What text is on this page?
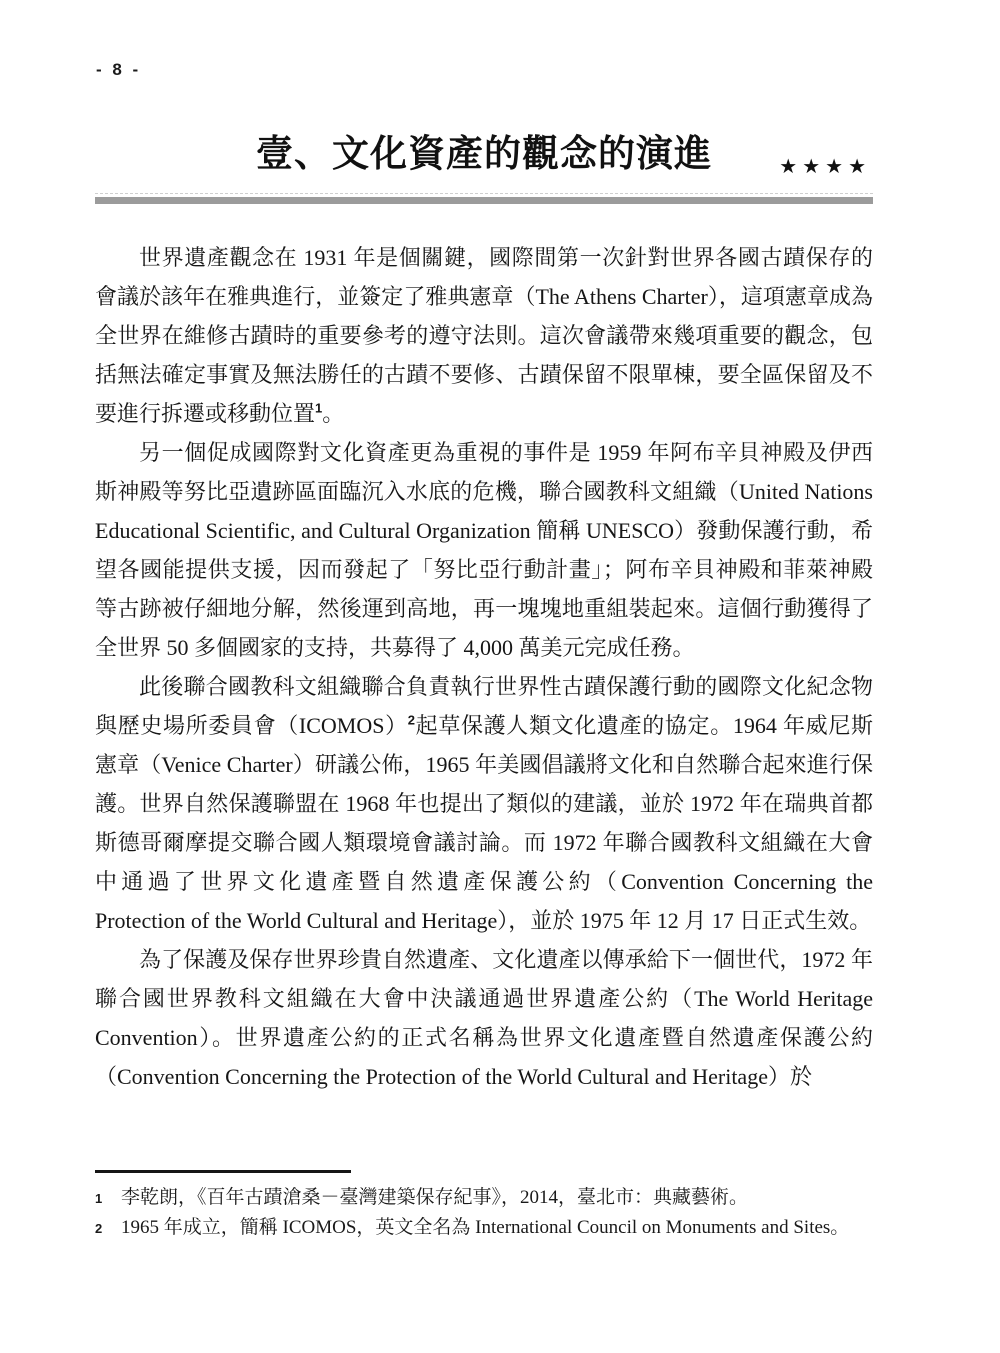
- 8 -
壹、文化資產的觀念的演進	★★★★

世界遺產觀念在 1931 年是個關鍵，國際間第一次針對世界各國古蹟保存的會議於該年在雅典進行，並簽定了雅典憲章（The Athens Charter），這項憲章成為全世界在維修古蹟時的重要參考的遵守法則。這次會議帶來幾項重要的觀念，包括無法確定事實及無法勝任的古蹟不要修、古蹟保留不限單棟，要全區保留及不要進行拆遷或移動位置$^1$。

另一個促成國際對文化資產更為重視的事件是 1959 年阿布辛貝神殿及伊西斯神殿等努比亞遺跡區面臨沉入水底的危機，聯合國教科文組織（United Nations Educational Scientific, and Cultural Organization 簡稱 UNESCO）發動保護行動，希望各國能提供支援，因而發起了「努比亞行動計畫」；阿布辛貝神殿和菲萊神殿等古跡被仔細地分解，然後運到高地，再一塊塊地重組裝起來。這個行動獲得了全世界 50 多個國家的支持，共募得了 4,000 萬美元完成任務。

此後聯合國教科文組織聯合負責執行世界性古蹟保護行動的國際文化紀念物與歷史場所委員會（ICOMOS）$^2$起草保護人類文化遺產的協定。1964 年威尼斯憲章（Venice Charter）研議公佈，1965 年美國倡議將文化和自然聯合起來進行保護。世界自然保護聯盟在 1968 年也提出了類似的建議，並於 1972 年在瑞典首都斯德哥爾摩提交聯合國人類環境會議討論。而 1972 年聯合國教科文組織在大會中通過了世界文化遺產暨自然遺產保護公約（Convention Concerning the Protection of the World Cultural and Heritage），並於 1975 年 12 月 17 日正式生效。

為了保護及保存世界珍貴自然遺產、文化遺產以傳承給下一個世代，1972 年聯合國世界教科文組織在大會中決議通過世界遺產公約（The World Heritage Convention）。世界遺產公約的正式名稱為世界文化遺產暨自然遺產保護公約（Convention Concerning the Protection of the World Cultural and Heritage）於

1 李乾朗，《百年古蹟滄桑－臺灣建築保存紀事》，2014，臺北市：典藏藝術。
2 1965 年成立，簡稱 ICOMOS，英文全名為 International Council on Monuments and Sites。
